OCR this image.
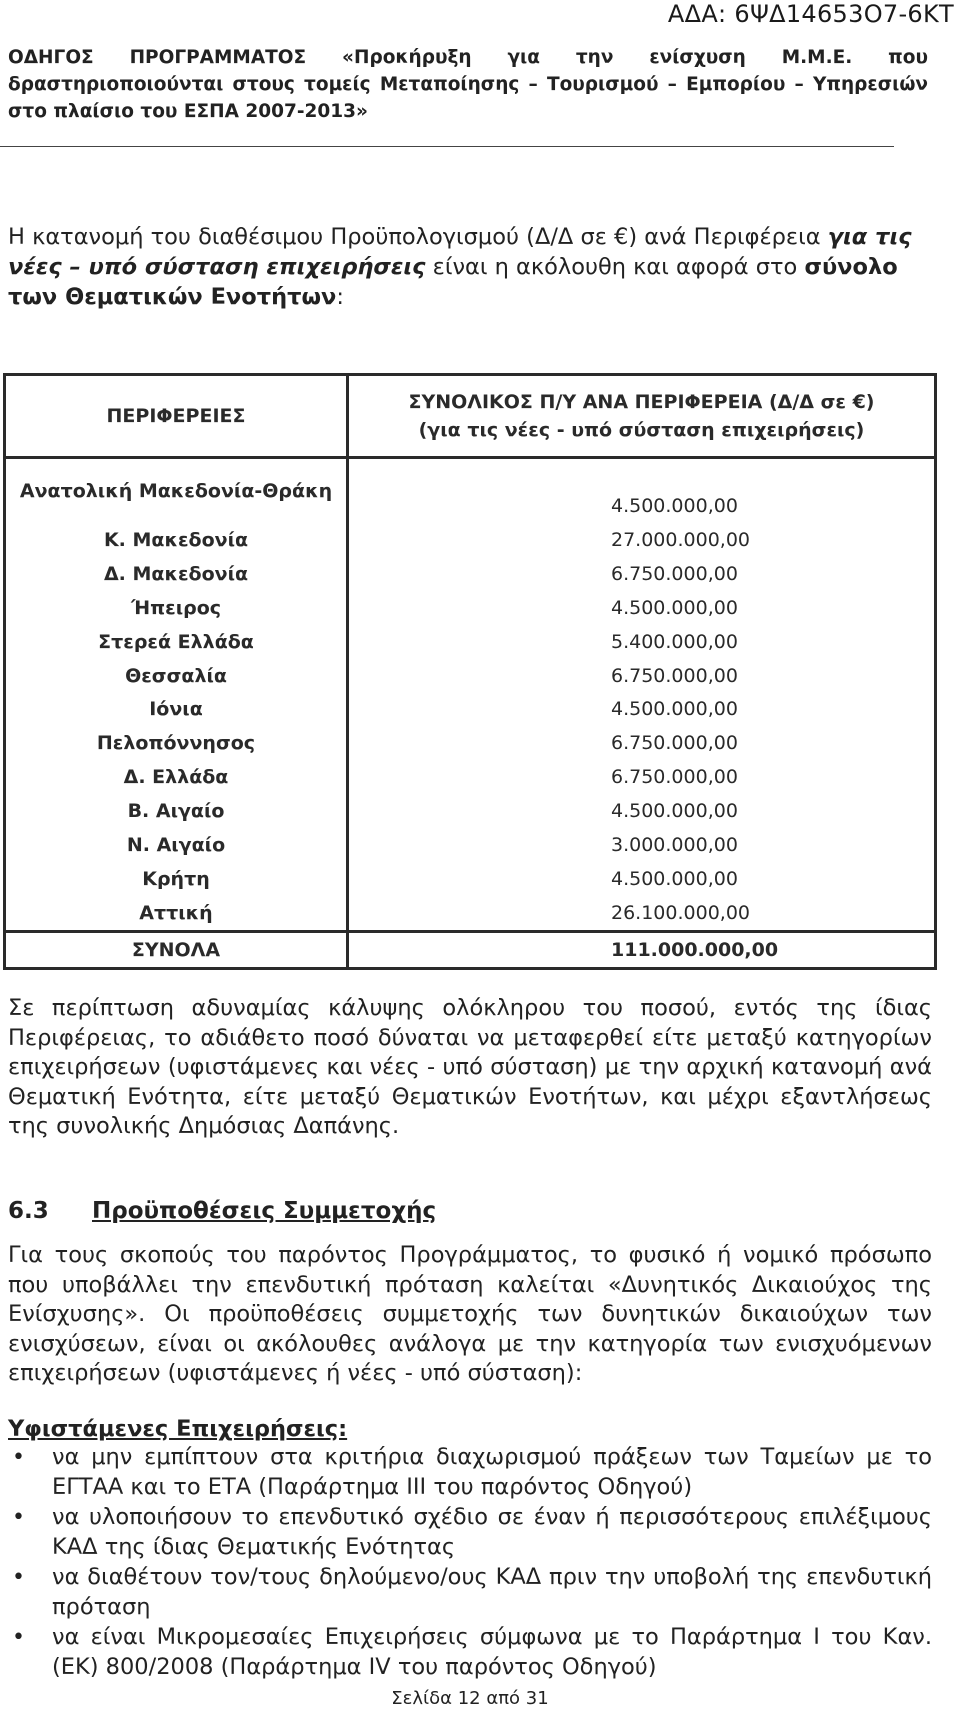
ΑΔΑ: 6ΨΔ14653Ο7-6ΚΤ
ΟΔΗΓΟΣ ΠΡΟΓΡΑΜΜΑΤΟΣ «Προκήρυξη για την ενίσχυση Μ.Μ.Ε. που δραστηριοποιούνται στους τομείς Μεταποίησης – Τουρισμού – Εμπορίου – Υπηρεσιών στο πλαίσιο του ΕΣΠΑ 2007-2013»
Η κατανομή του διαθέσιμου Προϋπολογισμού (Δ/Δ σε €) ανά Περιφέρεια για τις νέες – υπό σύσταση επιχειρήσεις είναι η ακόλουθη και αφορά στο σύνολο των Θεματικών Ενοτήτων:
ΠΕΡΙΦΕΡΕΙΕΣ	ΣΥΝΟΛΙΚΟΣ Π/Υ ΑΝΑ ΠΕΡΙΦΕΡΕΙΑ (Δ/Δ σε €)
(για τις νέες - υπό σύσταση επιχειρήσεις)

Ανατολική Μακεδονία-Θράκη	4.500.000,00
Κ. Μακεδονία	27.000.000,00
Δ. Μακεδονία	6.750.000,00
Ήπειρος	4.500.000,00
Στερεά Ελλάδα	5.400.000,00
Θεσσαλία	6.750.000,00
Ιόνια	4.500.000,00
Πελοπόννησος	6.750.000,00
Δ. Ελλάδα	6.750.000,00
Β. Αιγαίο	4.500.000,00
Ν. Αιγαίο	3.000.000,00
Κρήτη	4.500.000,00
Αττική	26.100.000,00
ΣΥΝΟΛΑ	111.000.000,00
Σε περίπτωση αδυναμίας κάλυψης ολόκληρου του ποσού, εντός της ίδιας Περιφέρειας, το αδιάθετο ποσό δύναται να μεταφερθεί είτε μεταξύ κατηγορίων επιχειρήσεων (υφιστάμενες και νέες - υπό σύσταση) με την αρχική κατανομή ανά Θεματική Ενότητα, είτε μεταξύ Θεματικών Ενοτήτων, και μέχρι εξαντλήσεως της συνολικής Δημόσιας Δαπάνης.
6.3 Προϋποθέσεις Συμμετοχής
Για τους σκοπούς του παρόντος Προγράμματος, το φυσικό ή νομικό πρόσωπο που υποβάλλει την επενδυτική πρόταση καλείται «Δυνητικός Δικαιούχος της Ενίσχυσης». Οι προϋποθέσεις συμμετοχής των δυνητικών δικαιούχων των ενισχύσεων, είναι οι ακόλουθες ανάλογα με την κατηγορία των ενισχυόμενων επιχειρήσεων (υφιστάμενες ή νέες - υπό σύσταση):
Υφιστάμενες Επιχειρήσεις:
• να μην εμπίπτουν στα κριτήρια διαχωρισμού πράξεων των Ταμείων με το ΕΓΤΑΑ και το ΕΤΑ (Παράρτημα ΙΙΙ του παρόντος Οδηγού)
• να υλοποιήσουν το επενδυτικό σχέδιο σε έναν ή περισσότερους επιλέξιμους ΚΑΔ της ίδιας Θεματικής Ενότητας
• να διαθέτουν τον/τους δηλούμενο/ους ΚΑΔ πριν την υποβολή της επενδυτική πρόταση
• να είναι Μικρομεσαίες Επιχειρήσεις σύμφωνα με το Παράρτημα Ι του Καν. (ΕΚ) 800/2008 (Παράρτημα IV του παρόντος Οδηγού)
Σελίδα 12 από 31
